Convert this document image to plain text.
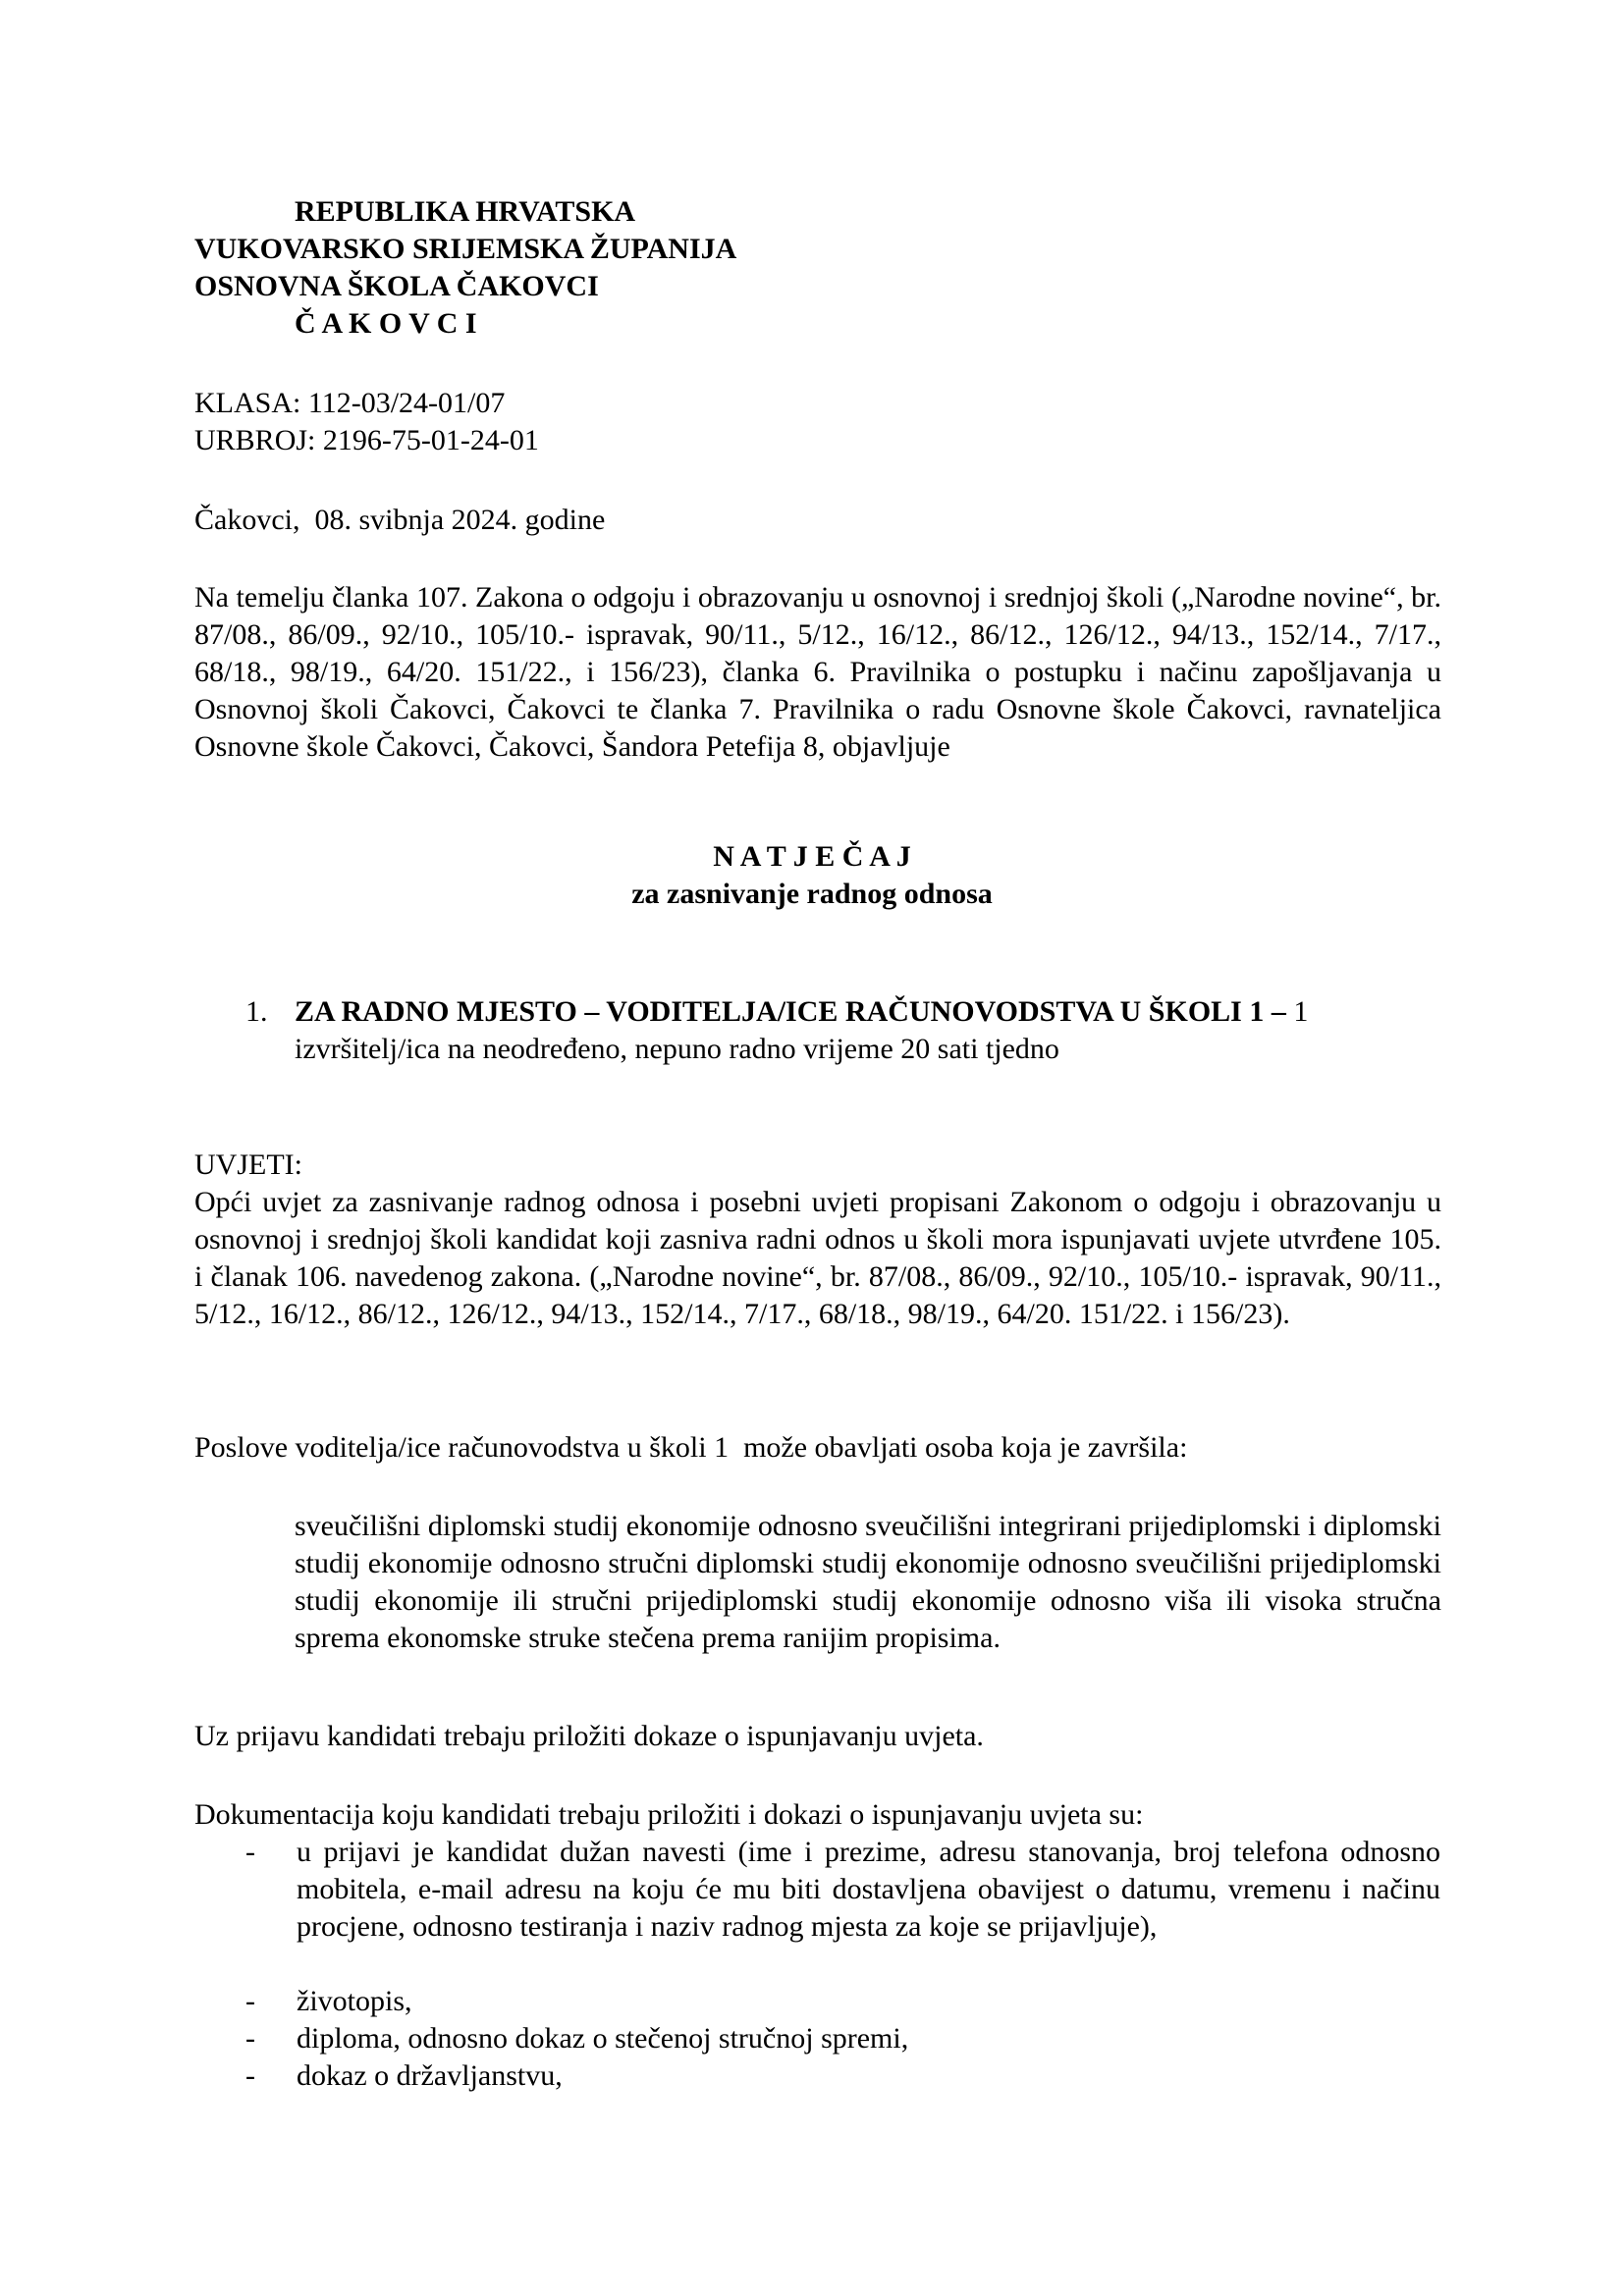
REPUBLIKA HRVATSKA
VUKOVARSKO SRIJEMSKA ŽUPANIJA
OSNOVNA ŠKOLA ČAKOVCI
Č A K O V C I
KLASA: 112-03/24-01/07
URBROJ: 2196-75-01-24-01
Čakovci,  08. svibnja 2024. godine

Na temelju članka 107. Zakona o odgoju i obrazovanju u osnovnoj i srednjoj školi („Narodne novine“, br. 87/08., 86/09., 92/10., 105/10.- ispravak, 90/11., 5/12., 16/12., 86/12., 126/12., 94/13., 152/14., 7/17., 68/18., 98/19., 64/20. 151/22., i 156/23), članka 6. Pravilnika o postupku i načinu zapošljavanja u Osnovnoj školi Čakovci, Čakovci te članka 7. Pravilnika o radu Osnovne škole Čakovci, ravnateljica Osnovne škole Čakovci, Čakovci, Šandora Petefija 8, objavljuje

N A T J E Č A J
za zasnivanje radnog odnosa
1. ZA RADNO MJESTO – VODITELJA/ICE RAČUNOVODSTVA U ŠKOLI 1 – 1
izvršitelj/ica na neodređeno, nepuno radno vrijeme 20 sati tjedno
UVJETI:

Opći uvjet za zasnivanje radnog odnosa i posebni uvjeti propisani Zakonom o odgoju i obrazovanju u osnovnoj i srednjoj školi kandidat koji zasniva radni odnos u školi mora ispunjavati uvjete utvrđene 105. i članak 106. navedenog zakona. („Narodne novine“, br. 87/08., 86/09., 92/10., 105/10.- ispravak, 90/11., 5/12., 16/12., 86/12., 126/12., 94/13., 152/14., 7/17., 68/18., 98/19., 64/20. 151/22. i 156/23).

Poslove voditelja/ice računovodstva u školi 1  može obavljati osoba koja je završila:

sveučilišni diplomski studij ekonomije odnosno sveučilišni integrirani prijediplomski i diplomski studij ekonomije odnosno stručni diplomski studij ekonomije odnosno sveučilišni prijediplomski studij ekonomije ili stručni prijediplomski studij ekonomije odnosno viša ili visoka stručna sprema ekonomske struke stečena prema ranijim propisima.

Uz prijavu kandidati trebaju priložiti dokaze o ispunjavanju uvjeta.
Dokumentacija koju kandidati trebaju priložiti i dokazi o ispunjavanju uvjeta su:
- u prijavi je kandidat dužan navesti (ime i prezime, adresu stanovanja, broj telefona odnosno mobitela, e-mail adresu na koju će mu biti dostavljena obavijest o datumu, vremenu i načinu procjene, odnosno testiranja i naziv radnog mjesta za koje se prijavljuje),

- životopis,

- diploma, odnosno dokaz o stečenoj stručnoj spremi,

- dokaz o državljanstvu,
